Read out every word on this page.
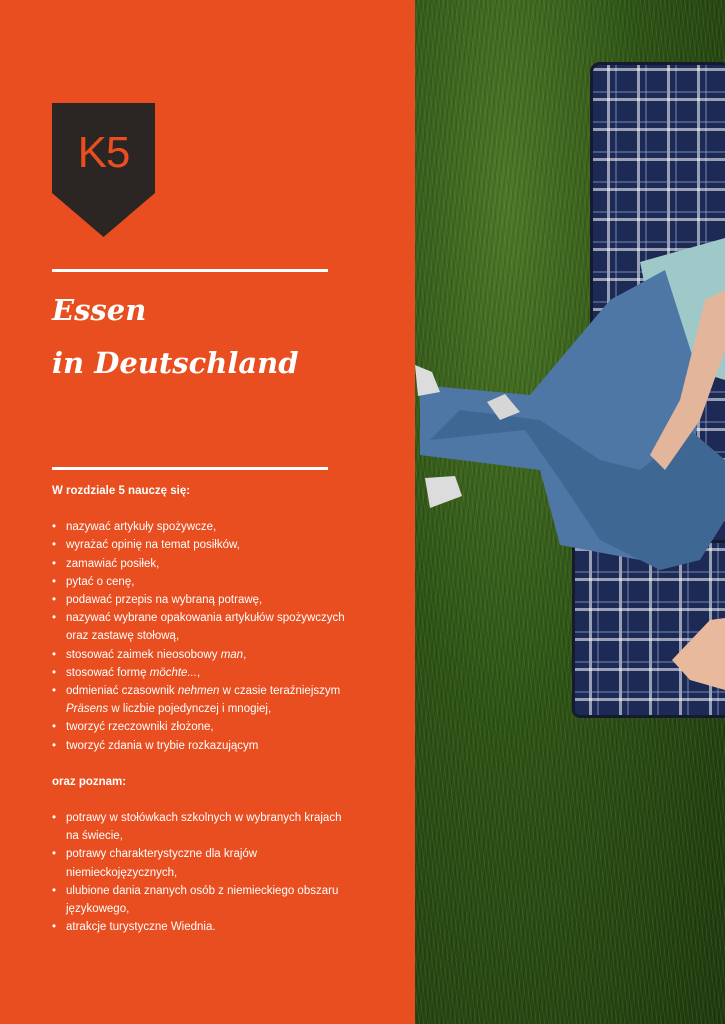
K5
Essen
in Deutschland

W rozdziale 5 nauczę się:

• nazywać artykuły spożywcze,
• wyrażać opinię na temat posiłków,
• zamawiać posiłek,
• pytać o cenę,
• podawać przepis na wybraną potrawę,
• nazywać wybrane opakowania artykułów spożywczych oraz zastawę stołową,
• stosować zaimek nieosobowy man,
• stosować formę möchte...,
• odmieniać czasownik nehmen w czasie teraźniejszym Präsens w liczbie pojedynczej i mnogiej,
• tworzyć rzeczowniki złożone,
• tworzyć zdania w trybie rozkazującym

oraz poznam:

• potrawy w stołówkach szkolnych w wybranych krajach na świecie,
• potrawy charakterystyczne dla krajów niemieckojęzycznych,
• ulubione dania znanych osób z niemieckiego obszaru językowego,
• atrakcje turystyczne Wiednia.
